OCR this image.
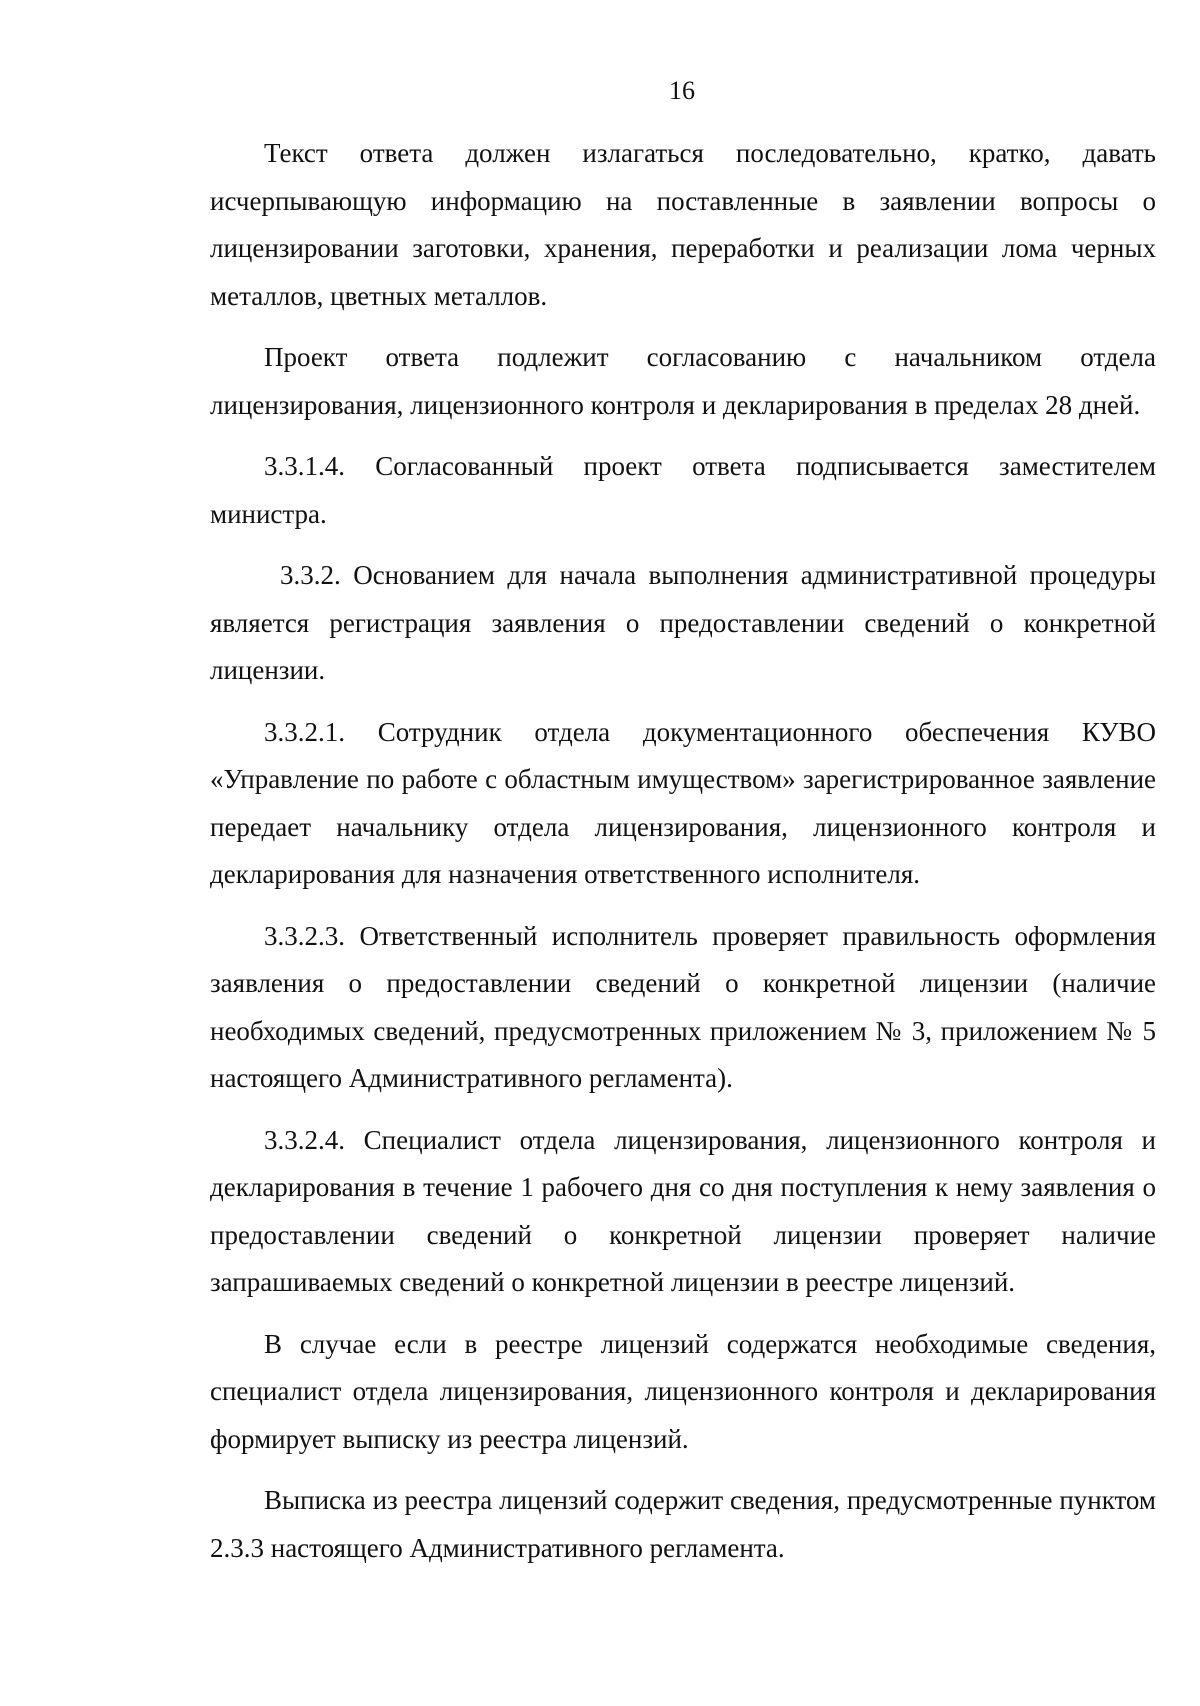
16

Текст ответа должен излагаться последовательно, кратко, давать исчерпывающую информацию на поставленные в заявлении вопросы о лицензировании заготовки, хранения, переработки и реализации лома черных металлов, цветных металлов.

Проект ответа подлежит согласованию с начальником отдела лицензирования, лицензионного контроля и декларирования в пределах 28 дней.

3.3.1.4. Согласованный проект ответа подписывается заместителем министра.

3.3.2. Основанием для начала выполнения административной процедуры является регистрация заявления о предоставлении сведений о конкретной лицензии.

3.3.2.1. Сотрудник отдела документационного обеспечения КУВО «Управление по работе с областным имуществом» зарегистрированное заявление передает начальнику отдела лицензирования, лицензионного контроля и декларирования для назначения ответственного исполнителя.

3.3.2.3. Ответственный исполнитель проверяет правильность оформления заявления о предоставлении сведений о конкретной лицензии (наличие необходимых сведений, предусмотренных приложением № 3, приложением № 5 настоящего Административного регламента).

3.3.2.4. Специалист отдела лицензирования, лицензионного контроля и декларирования в течение 1 рабочего дня со дня поступления к нему заявления о предоставлении сведений о конкретной лицензии проверяет наличие запрашиваемых сведений о конкретной лицензии в реестре лицензий.

В случае если в реестре лицензий содержатся необходимые сведения, специалист отдела лицензирования, лицензионного контроля и декларирования формирует выписку из реестра лицензий.

Выписка из реестра лицензий содержит сведения, предусмотренные пунктом 2.3.3 настоящего Административного регламента.
